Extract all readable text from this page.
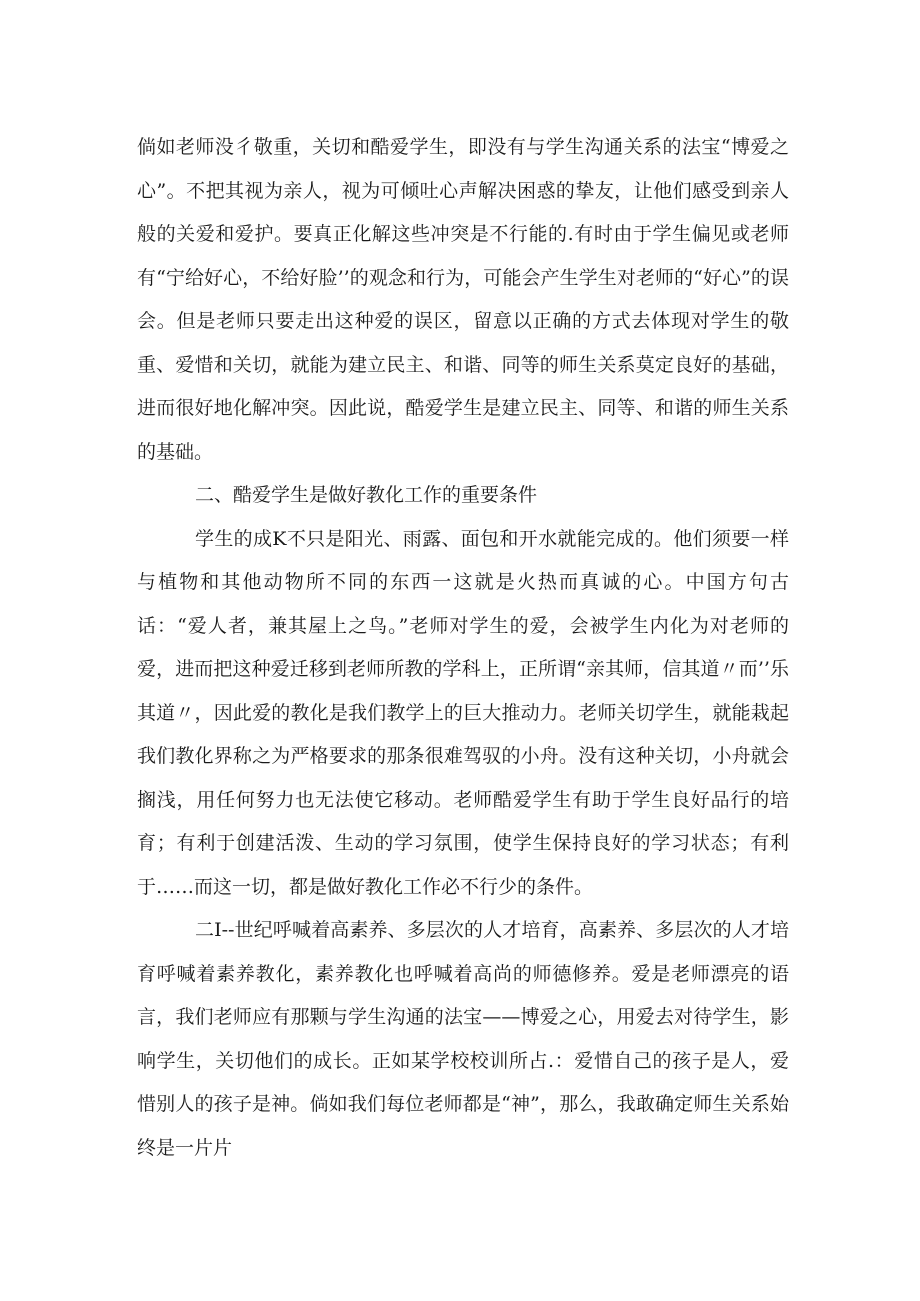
倘如老师没彳敬重，关切和酷爱学生，即没有与学生沟通关系的法宝“博爱之心”。不把其视为亲人，视为可倾吐心声解决困惑的挚友，让他们感受到亲人般的关爱和爱护。要真正化解这些冲突是不行能的.有时由于学生偏见或老师有“宁给好心，不给好脸’’的观念和行为，可能会产生学生对老师的“好心”的误会。但是老师只要走出这种爱的误区，留意以正确的方式去体现对学生的敬重、爱惜和关切，就能为建立民主、和谐、同等的师生关系莫定良好的基础，进而很好地化解冲突。因此说，酷爱学生是建立民主、同等、和谐的师生关系的基础。

二、酷爱学生是做好教化工作的重要条件

学生的成K不只是阳光、雨露、面包和开水就能完成的。他们须要一样与植物和其他动物所不同的东西一这就是火热而真诚的心。中国方句古话：“爱人者，兼其屋上之鸟。”老师对学生的爱，会被学生内化为对老师的爱，进而把这种爱迁移到老师所教的学科上，正所谓“亲其师，信其道〃而’’乐其道〃，因此爱的教化是我们教学上的巨大推动力。老师关切学生，就能栽起我们教化界称之为严格要求的那条很难驾驭的小舟。没有这种关切，小舟就会搁浅，用任何努力也无法使它移动。老师酷爱学生有助于学生良好品行的培育；有利于创建活泼、生动的学习氛围，使学生保持良好的学习状态；有利于……而这一切，都是做好教化工作必不行少的条件。

二I--世纪呼喊着高素养、多层次的人才培育，高素养、多层次的人才培育呼喊着素养教化，素养教化也呼喊着高尚的师德修养。爱是老师漂亮的语言，我们老师应有那颗与学生沟通的法宝——博爱之心，用爱去对待学生，影响学生，关切他们的成长。正如某学校校训所占.：爱惜自己的孩子是人，爱惜别人的孩子是神。倘如我们每位老师都是“神”，那么，我敢确定师生关系始终是一片片
